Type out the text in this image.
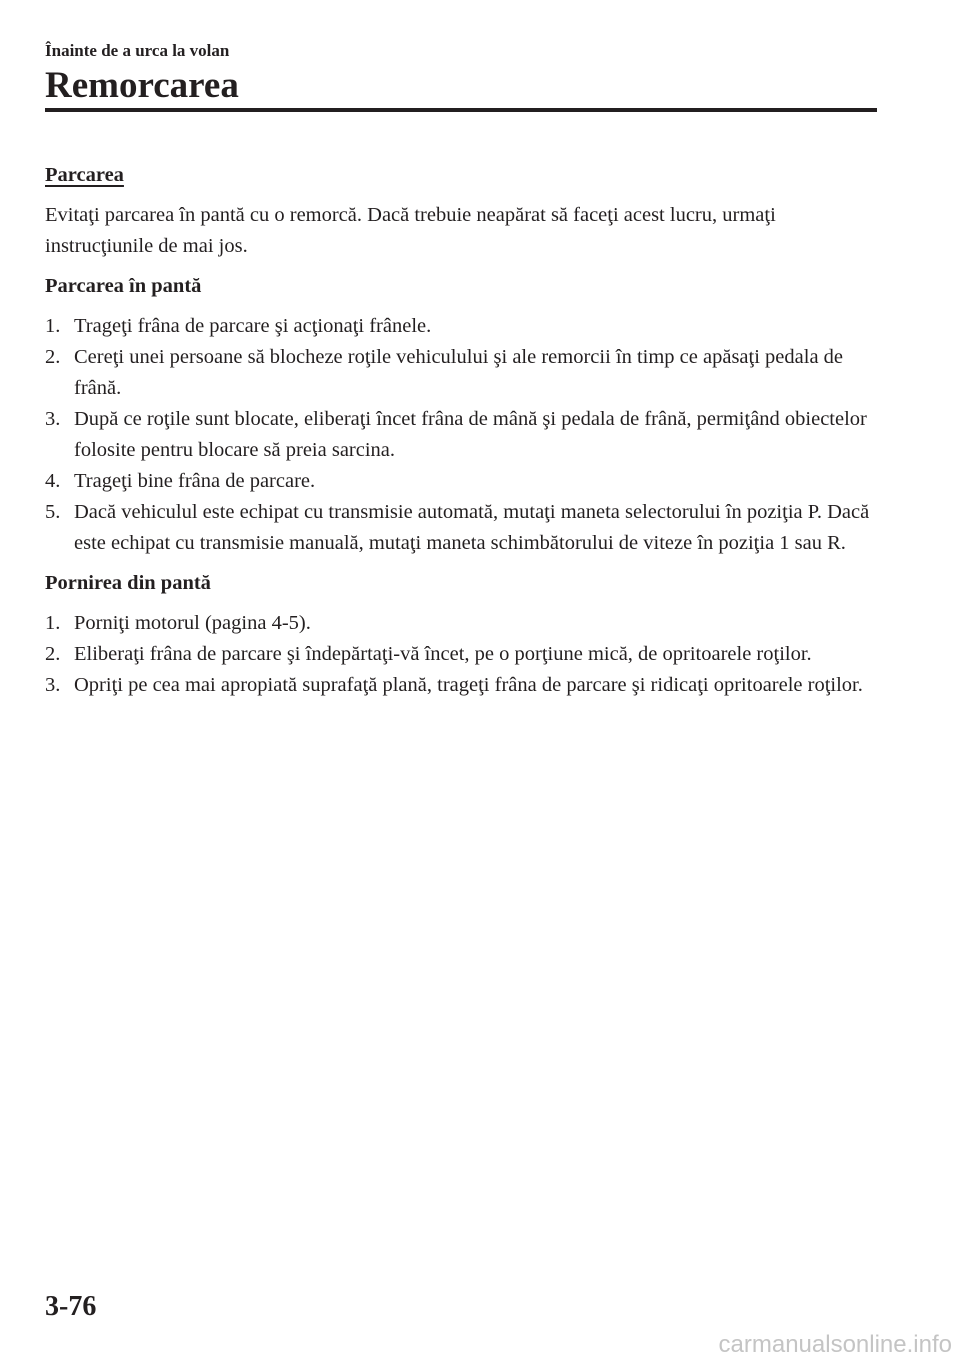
Înainte de a urca la volan
Remorcarea
Parcarea

Evitaţi parcarea în pantă cu o remorcă. Dacă trebuie neapărat să faceţi acest lucru, urmaţi instrucţiunile de mai jos.

Parcarea în pantă
1. Trageţi frâna de parcare şi acţionaţi frânele.
2. Cereţi unei persoane să blocheze roţile vehiculului şi ale remorcii în timp ce apăsaţi pedala de frână.
3. După ce roţile sunt blocate, eliberaţi încet frâna de mână şi pedala de frână, permiţând obiectelor folosite pentru blocare să preia sarcina.
4. Trageţi bine frâna de parcare.
5. Dacă vehiculul este echipat cu transmisie automată, mutaţi maneta selectorului în poziţia P. Dacă este echipat cu transmisie manuală, mutaţi maneta schimbătorului de viteze în poziţia 1 sau R.
Pornirea din pantă
1. Porniţi motorul (pagina 4-5).
2. Eliberaţi frâna de parcare şi îndepărtaţi-vă încet, pe o porţiune mică, de opritoarele roţilor.
3. Opriţi pe cea mai apropiată suprafaţă plană, trageţi frâna de parcare şi ridicaţi opritoarele roţilor.
3-76
carmanualsonline.info
